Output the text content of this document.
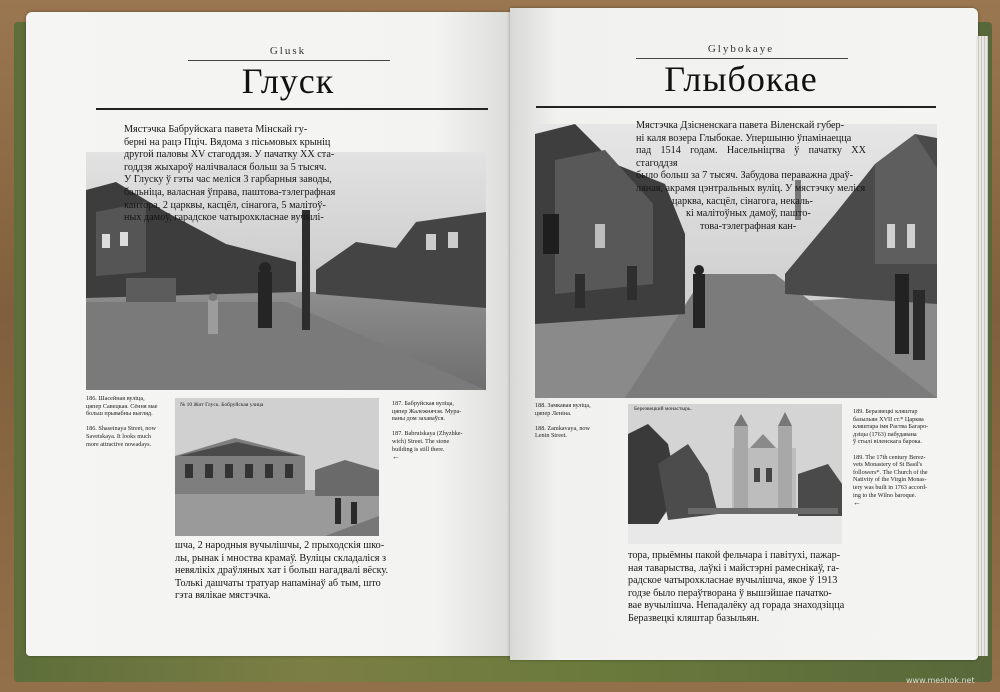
Glusk
Глуск
Мястэчка Бабруйскага павета Мінскай гу-
берні на рацэ Пціч. Вядома з пісьмовых крыніц
другой паловы XV стагоддзя. У пачатку XX ста-
годдзя жыхароў налічвалася больш за 5 тысяч.
У Глуску ў гэты час меліся 3 гарбарныя заводы,
бальніца, валасная ўправа, паштова-тэлеграфная
кантора, 2 царквы, касцёл, сінагога, 5 малітоў-
ных дамоў, гарадское чатырохкласнае вучылі-
186. Шасейная вуліца,
цяпер Савецкая. Сёння мае
больш прывабны выгляд.

186. Shaseinaya Street, now
Savetskaya. It looks much
more attractive nowadays.
№ 10 Жит Глуск. Бобруйская улица	187. Бабруйская вуліца,
цяпер Жалежнячэя. Мура-
ваны дом захаваўся.

187. Babruiskaya (Zhyzhke-
wich) Street. The stone
building is still there.
←
шча, 2 народныя вучылішчы, 2 прыходскія шко-
лы, рынак і мноства крамаў. Вуліцы складаліся з
невялікіх драўляных хат і больш нагадвалі вёску.
Толькі дашчаты тратуар напамінаў аб тым, што
гэта вялікае мястэчка.
Glybokaye
Глыбокае
Мястэчка Дзісненскага павета Віленскай губер-
ні каля возера Глыбокае. Упершыню ўпамінаецца
пад 1514 годам. Насельніцтва ў пачатку XX стагоддзя
было больш за 7 тысяч. Забудова пераважна драў-
ляная, акрамя цэнтральных вуліц. У мястэчку меліся
царква, касцёл, сінагога, некаль-
кі малітоўных дамоў, пашто-
това-тэлеграфная кан-
188. Замкавая вуліца,
цяпер Леніна.

188. Zamkavaya, now
Lenin Street.
Березвецкий монастырь.	189. Беразвецкі кляштар
базыльян XVII ст.* Царква
кляштара імя Раства Багаро-
дзіцы (1763) пабудавана
ў стылі віленскага барока.

189. The 17th century Berez-
vets Monastery of St Basil's
followers*. The Church of the
Nativity of the Virgin Monas-
tery was built in 1763 accord-
ing to the Wilno baroque.
←
тора, прыёмны пакой фельчара і павітухі, пажар-
ная таварыства, лаўкі і майстэрні рамеснікаў, га-
радское чатырохкласнае вучылішча, якое ў 1913
годзе было пераўтворана ў вышэйшае пачатко-
вае вучылішча. Непадалёку ад горада знаходзіцца
Беразвецкі кляштар базыльян.
www.meshok.net
